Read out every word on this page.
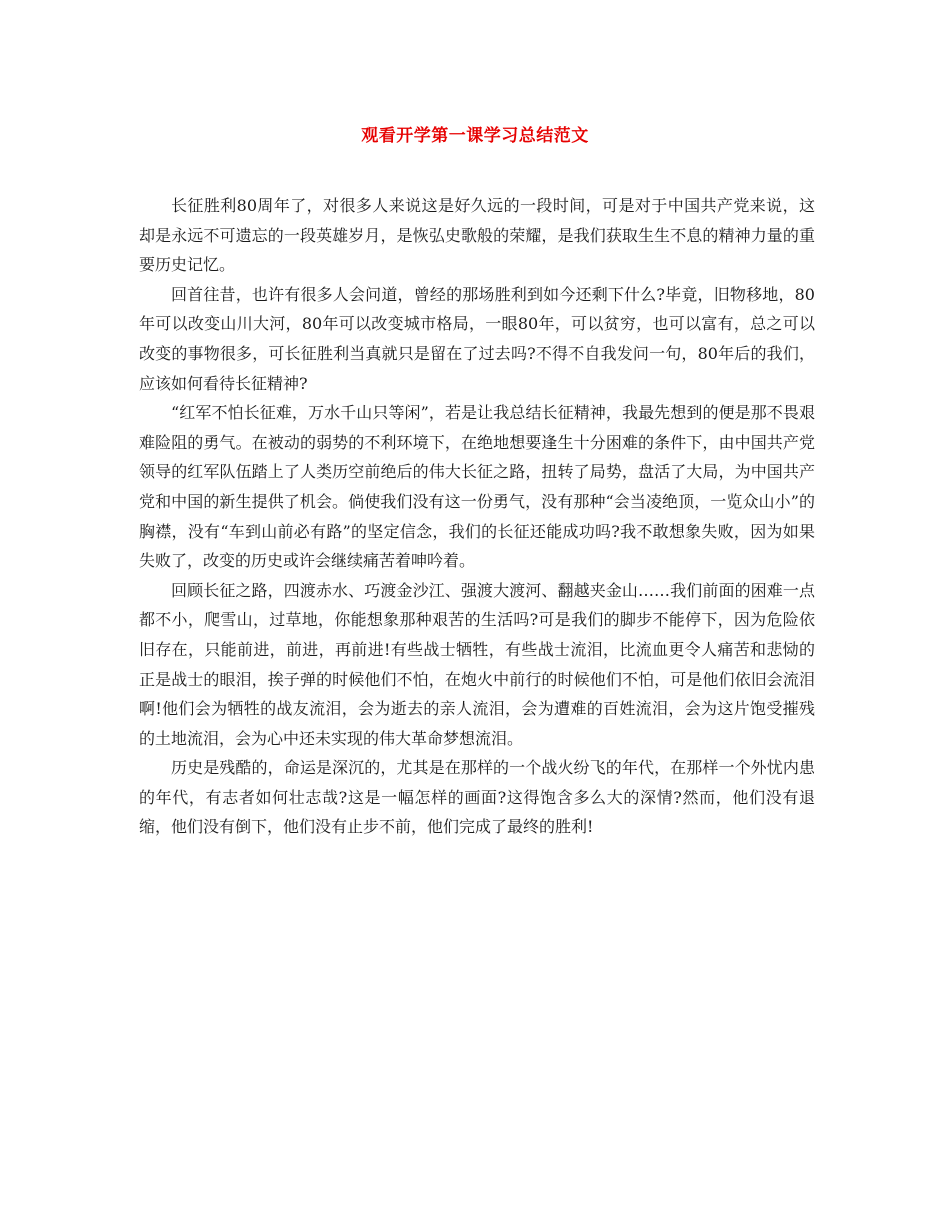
观看开学第一课学习总结范文

长征胜利80周年了，对很多人来说这是好久远的一段时间，可是对于中国共产党来说，这却是永远不可遗忘的一段英雄岁月，是恢弘史歌般的荣耀，是我们获取生生不息的精神力量的重要历史记忆。

回首往昔，也许有很多人会问道，曾经的那场胜利到如今还剩下什么?毕竟，旧物移地，80年可以改变山川大河，80年可以改变城市格局，一眼80年，可以贫穷，也可以富有，总之可以改变的事物很多，可长征胜利当真就只是留在了过去吗?不得不自我发问一句，80年后的我们，应该如何看待长征精神?

“红军不怕长征难，万水千山只等闲”，若是让我总结长征精神，我最先想到的便是那不畏艰难险阻的勇气。在被动的弱势的不利环境下，在绝地想要逢生十分困难的条件下，由中国共产党领导的红军队伍踏上了人类历空前绝后的伟大长征之路，扭转了局势，盘活了大局，为中国共产党和中国的新生提供了机会。倘使我们没有这一份勇气，没有那种“会当凌绝顶，一览众山小”的胸襟，没有“车到山前必有路”的坚定信念，我们的长征还能成功吗?我不敢想象失败，因为如果失败了，改变的历史或许会继续痛苦着呻吟着。

回顾长征之路，四渡赤水、巧渡金沙江、强渡大渡河、翻越夹金山……我们前面的困难一点都不小，爬雪山，过草地，你能想象那种艰苦的生活吗?可是我们的脚步不能停下，因为危险依旧存在，只能前进，前进，再前进!有些战士牺牲，有些战士流泪，比流血更令人痛苦和悲恸的正是战士的眼泪，挨子弹的时候他们不怕，在炮火中前行的时候他们不怕，可是他们依旧会流泪啊!他们会为牺牲的战友流泪，会为逝去的亲人流泪，会为遭难的百姓流泪，会为这片饱受摧残的土地流泪，会为心中还未实现的伟大革命梦想流泪。

历史是残酷的，命运是深沉的，尤其是在那样的一个战火纷飞的年代，在那样一个外忧内患的年代，有志者如何壮志哉?这是一幅怎样的画面?这得饱含多么大的深情?然而，他们没有退缩，他们没有倒下，他们没有止步不前，他们完成了最终的胜利!
